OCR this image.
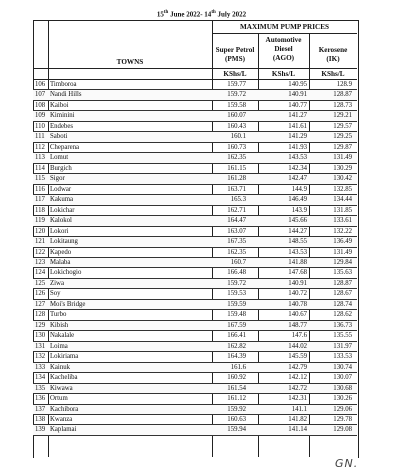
15th June 2022- 14th July 2022
MAXIMUM PUMP PRICES
TOWNS
Super Petrol
(PMS)
Automotive
Diesel
(AGO)
Kerosene
(IK)
KShs/L	KShs/L	KShs/L
106 Timboroa	159.77	140.95	128.9
107 Nandi Hills	159.72	140.91	128.87
108 Kaiboi	159.58	140.77	128.73
109 Kiminini	160.07	141.27	129.21
110 Endebes	160.43	141.61	129.57
111 Saboti	160.1	141.29	129.25
112 Cheparena	160.73	141.93	129.87
113 Lomut	162.35	143.53	131.49
114 Burgich	161.15	142.34	130.29
115 Sigor	161.28	142.47	130.42
116 Lodwar	163.71	144.9	132.85
117 Kakuma	165.3	146.49	134.44
118 Lokichar	162.71	143.9	131.85
119 Kalokol	164.47	145.66	133.61
120 Lokori	163.07	144.27	132.22
121 Lokitaung	167.35	148.55	136.49
122 Kapedo	162.35	143.53	131.49
123 Malaba	160.7	141.88	129.84
124 Lokichogio	166.48	147.68	135.63
125 Ziwa	159.72	140.91	128.87
126 Soy	159.53	140.72	128.67
127 Moi's Bridge	159.59	140.78	128.74
128 Turbo	159.48	140.67	128.62
129 Kibish	167.59	148.77	136.73
130 Nakalale	166.41	147.6	135.55
131 Loima	162.82	144.02	131.97
132 Lokiriama	164.39	145.59	133.53
133 Kainuk	161.6	142.79	130.74
134 Kacheliba	160.92	142.12	130.07
135 Kiwawa	161.54	142.72	130.68
136 Ortum	161.12	142.31	130.26
137 Kachibora	159.92	141.1	129.06
138 Kwanza	160.63	141.82	129.78
139 Kaplamai	159.94	141.14	129.08
GN.
